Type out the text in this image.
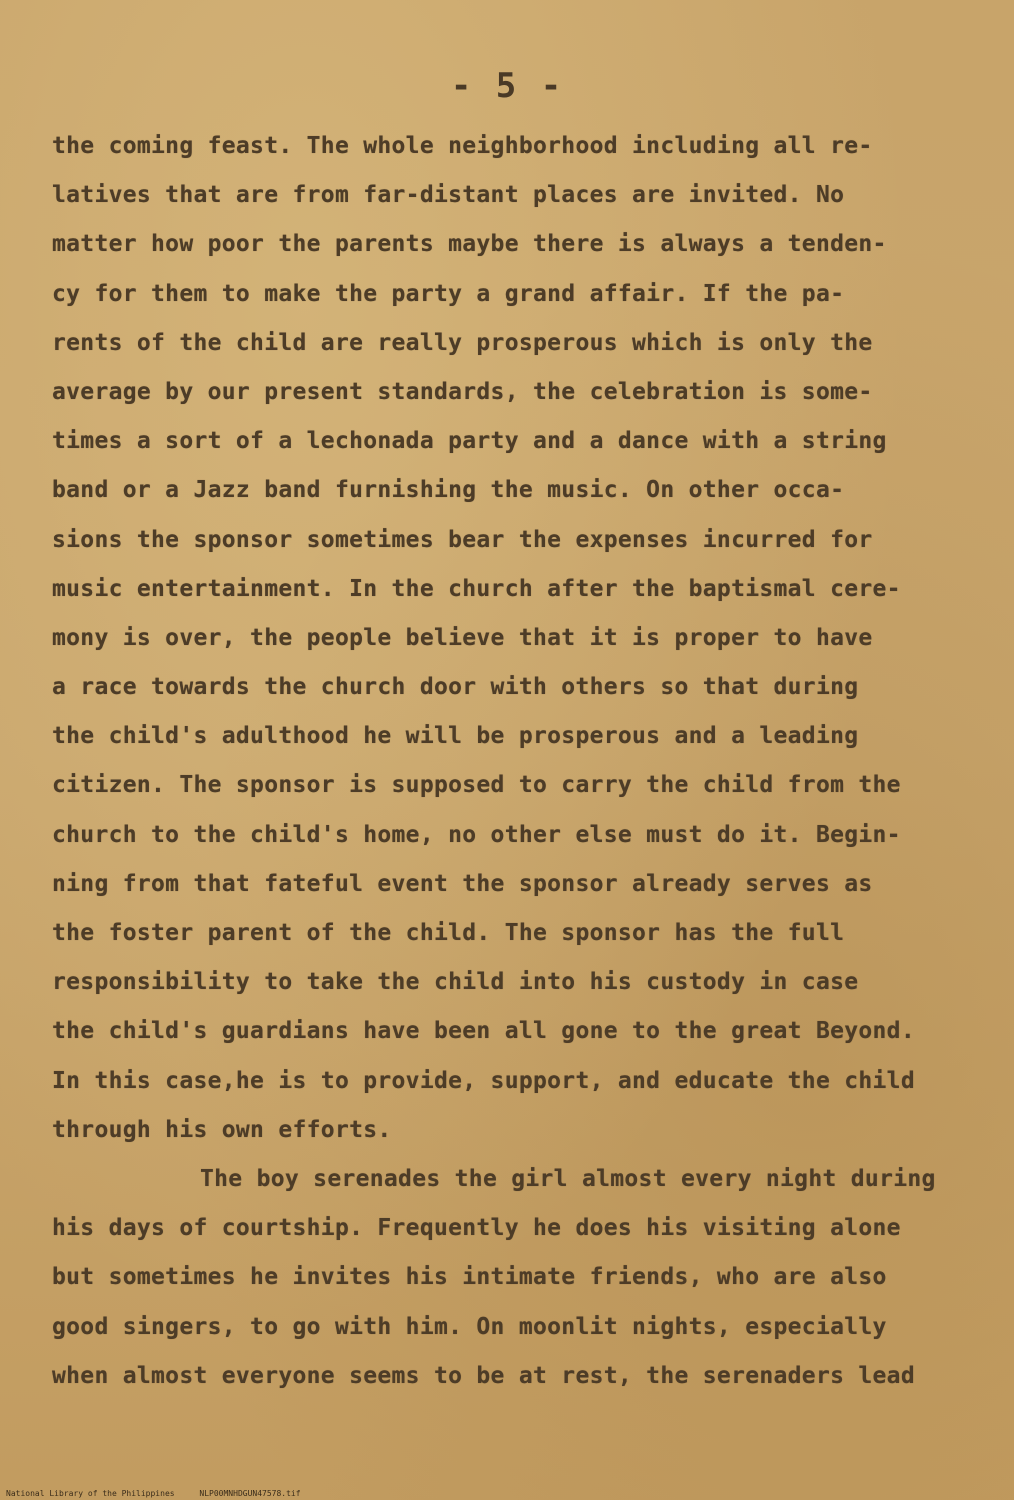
- 5 -
the coming feast. The whole neighborhood including all re-
latives that are from far-distant places are invited. No
matter how poor the parents maybe there is always a tenden-
cy for them to make the party a grand affair. If the pa-
rents of the child are really prosperous which is only the
average by our present standards, the celebration is some-
times a sort of a lechonada party and a dance with a string
band or a Jazz band furnishing the music. On other occa-
sions the sponsor sometimes bear the expenses incurred for
music entertainment. In the church after the baptismal cere-
mony is over, the people believe that it is proper to have
a race towards the church door with others so that during
the child's adulthood he will be prosperous and a leading
citizen. The sponsor is supposed to carry the child from the
church to the child's home, no other else must do it. Begin-
ning from that fateful event the sponsor already serves as
the foster parent of the child. The sponsor has the full
responsibility to take the child into his custody in case
the child's guardians have been all gone to the great Beyond.
In this case,he is to provide, support, and educate the child
through his own efforts.
The boy serenades the girl almost every night during
his days of courtship. Frequently he does his visiting alone
but sometimes he invites his intimate friends, who are also
good singers, to go with him. On moonlit nights, especially
when almost everyone seems to be at rest, the serenaders lead
National Library of the Philippines	NLP00MNHDGUN47578.tif
